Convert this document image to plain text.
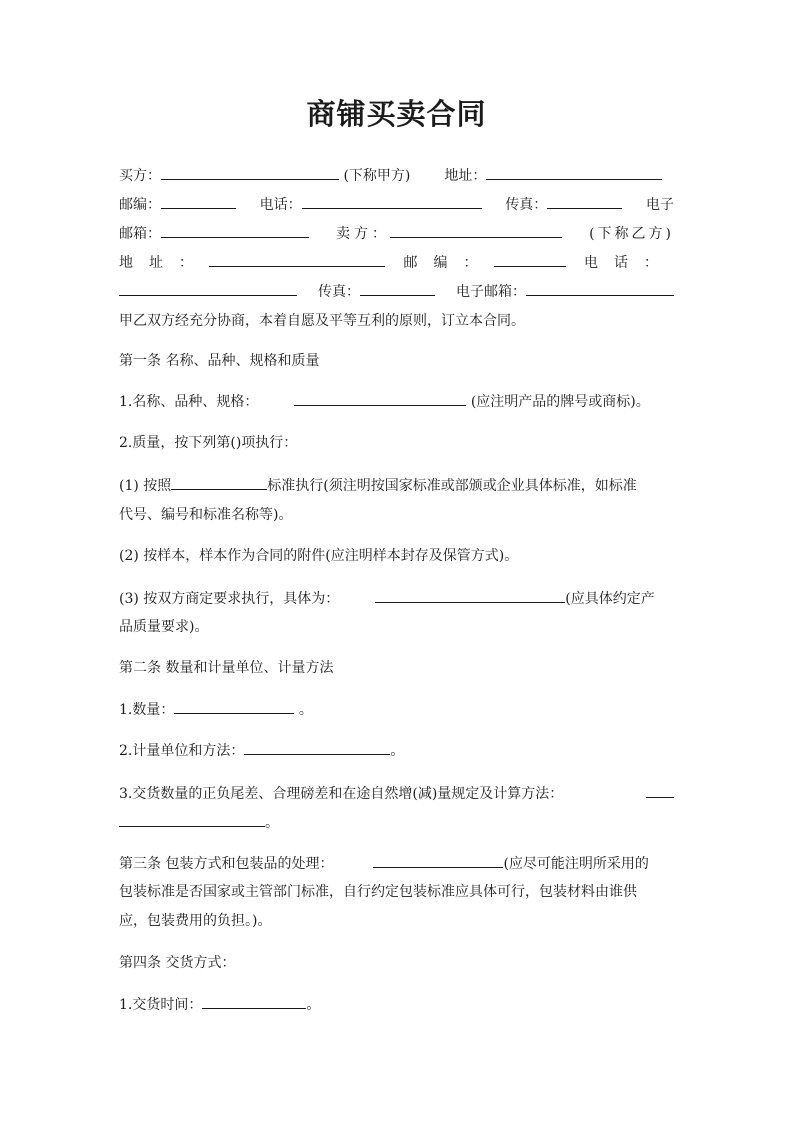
商铺买卖合同
买方：	(下称甲方) 地址：
邮编：	电话：	传真：	电子
邮箱：	卖方：	(下称乙方)
地址：	邮编：	电话：
传真：	电子邮箱：
甲乙双方经充分协商，本着自愿及平等互利的原则，订立本合同。
第一条 名称、品种、规格和质量
1.名称、品种、规格：	(应注明产品的牌号或商标)。
2.质量，按下列第()项执行：
(1) 按照	标准执行(须注明按国家标准或部颁或企业具体标准，如标准
代号、编号和标准名称等)。
(2) 按样本，样本作为合同的附件(应注明样本封存及保管方式)。
(3) 按双方商定要求执行，具体为：	(应具体约定产
品质量要求)。
第二条 数量和计量单位、计量方法
1.数量：	。
2.计量单位和方法：	。
3.交货数量的正负尾差、合理磅差和在途自然增(减)量规定及计算方法：
。
第三条 包装方式和包装品的处理：	(应尽可能注明所采用的
包装标准是否国家或主管部门标准，自行约定包装标准应具体可行，包装材料由谁供
应，包装费用的负担。)。
第四条 交货方式：
1.交货时间：	。
